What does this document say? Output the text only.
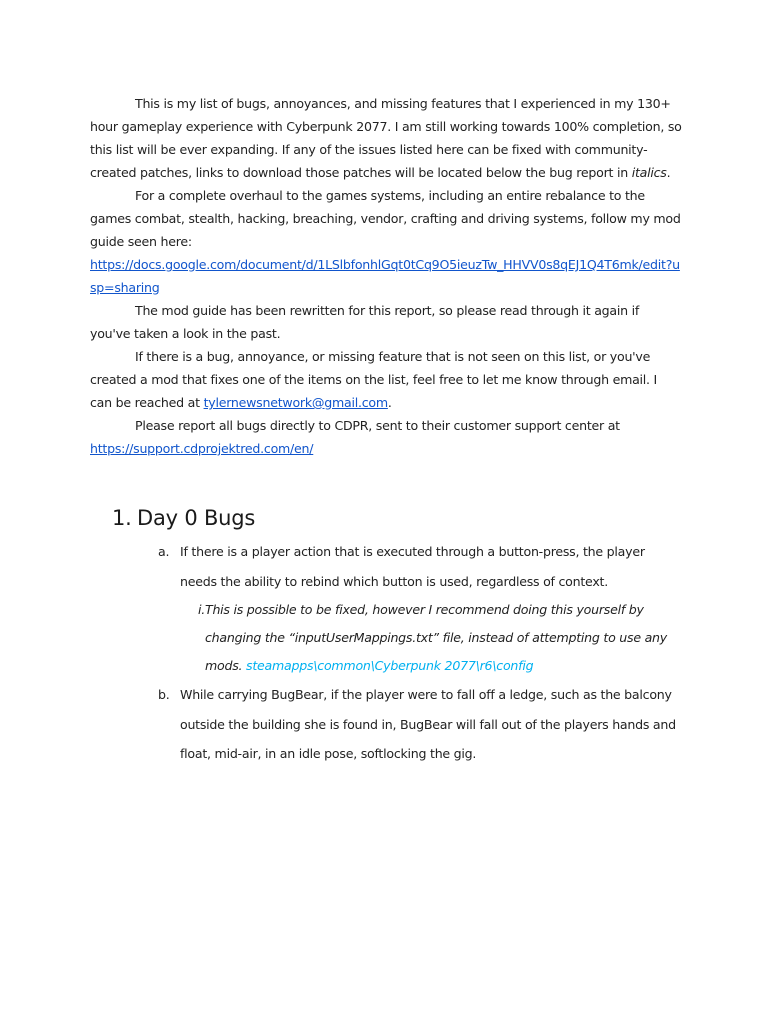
This is my list of bugs, annoyances, and missing features that I experienced in my 130+ hour gameplay experience with Cyberpunk 2077. I am still working towards 100% completion, so this list will be ever expanding. If any of the issues listed here can be fixed with community-created patches, links to download those patches will be located below the bug report in italics.

For a complete overhaul to the games systems, including an entire rebalance to the games combat, stealth, hacking, breaching, vendor, crafting and driving systems, follow my mod guide seen here:

https://docs.google.com/document/d/1LSlbfonhlGqt0tCq9O5ieuzTw_HHVV0s8qEJ1Q4T6mk/edit?usp=sharing

The mod guide has been rewritten for this report, so please read through it again if you've taken a look in the past.

If there is a bug, annoyance, or missing feature that is not seen on this list, or you've created a mod that fixes one of the items on the list, feel free to let me know through email. I can be reached at tylernewsnetwork@gmail.com.

Please report all bugs directly to CDPR, sent to their customer support center at

https://support.cdprojektred.com/en/

1. Day 0 Bugs
a. If there is a player action that is executed through a button-press, the player needs the ability to rebind which button is used, regardless of context.
i. This is possible to be fixed, however I recommend doing this yourself by changing the “inputUserMappings.txt” file, instead of attempting to use any mods. steamapps\common\Cyberpunk 2077\r6\config
b. While carrying BugBear, if the player were to fall off a ledge, such as the balcony outside the building she is found in, BugBear will fall out of the players hands and float, mid-air, in an idle pose, softlocking the gig.
